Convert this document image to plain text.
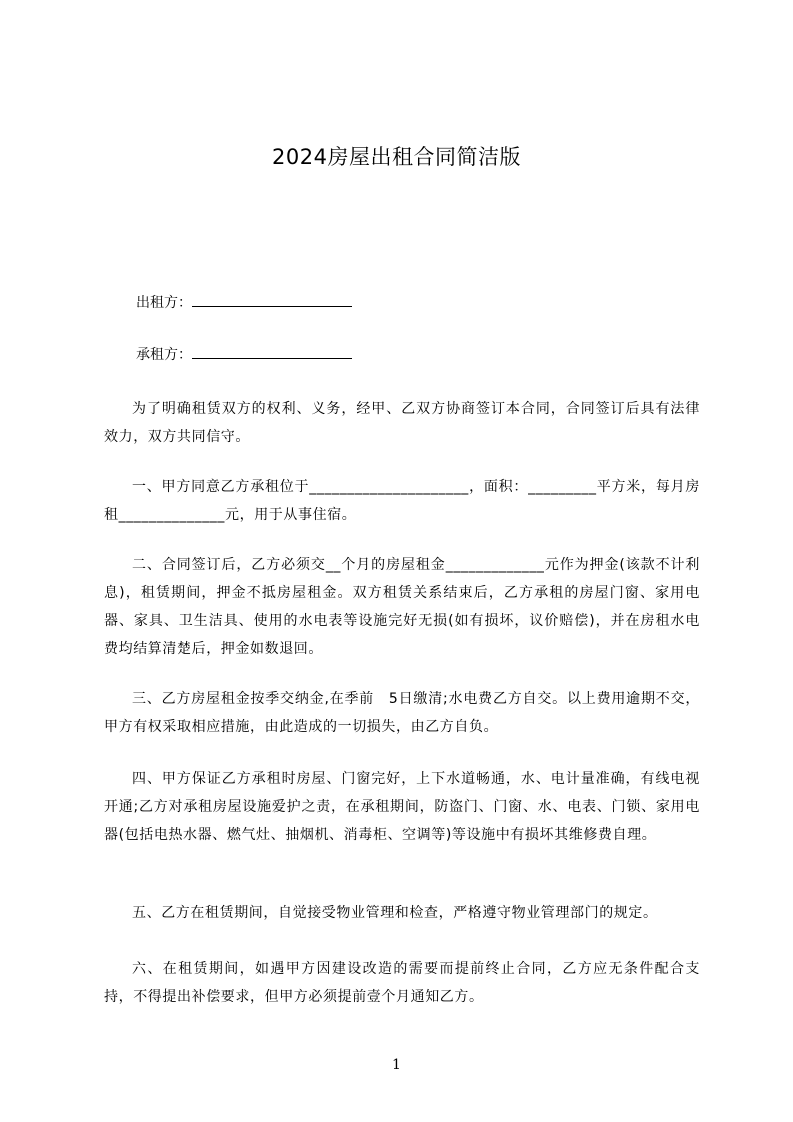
2024房屋出租合同简洁版
出租方：
承租方：
为了明确租赁双方的权利、义务，经甲、乙双方协商签订本合同，合同签订后具有法律效力，双方共同信守。
一、甲方同意乙方承租位于_____________________，面积：_________平方米，每月房租______________元，用于从事住宿。
二、合同签订后，乙方必须交__个月的房屋租金_____________元作为押金(该款不计利息)，租赁期间，押金不抵房屋租金。双方租赁关系结束后，乙方承租的房屋门窗、家用电器、家具、卫生洁具、使用的水电表等设施完好无损(如有损坏，议价赔偿)，并在房租水电费均结算清楚后，押金如数退回。
三、乙方房屋租金按季交纳金,在季前　5日缴清;水电费乙方自交。以上费用逾期不交，甲方有权采取相应措施，由此造成的一切损失，由乙方自负。
四、甲方保证乙方承租时房屋、门窗完好，上下水道畅通，水、电计量准确，有线电视开通;乙方对承租房屋设施爱护之责，在承租期间，防盗门、门窗、水、电表、门锁、家用电器(包括电热水器、燃气灶、抽烟机、消毒柜、空调等)等设施中有损坏其维修费自理。
五、乙方在租赁期间，自觉接受物业管理和检查，严格遵守物业管理部门的规定。
六、在租赁期间，如遇甲方因建设改造的需要而提前终止合同，乙方应无条件配合支持，不得提出补偿要求，但甲方必须提前壹个月通知乙方。
1
